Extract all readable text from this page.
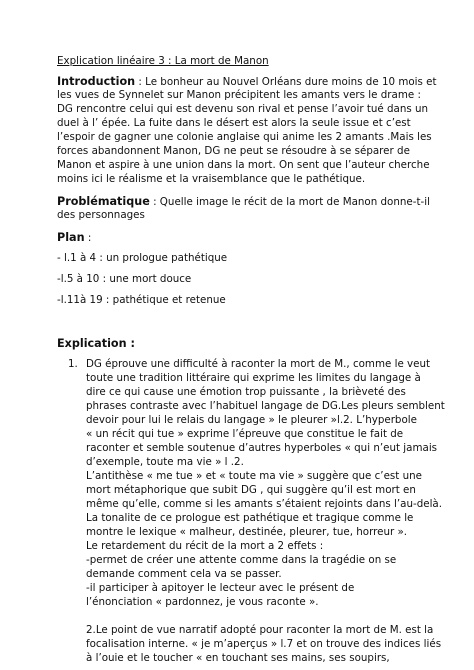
Explication linéaire 3 : La mort de Manon
Introduction : Le bonheur au Nouvel Orléans dure moins de 10 mois et
les vues de Synnelet sur Manon précipitent les amants vers le drame :
DG rencontre celui qui est devenu son rival et pense l’avoir tué dans un
duel à l’ épée. La fuite dans le désert est alors la seule issue et c’est
l’espoir de gagner une colonie anglaise qui anime les 2 amants .Mais les
forces abandonnent Manon, DG ne peut se résoudre à se séparer de
Manon et aspire à une union dans la mort. On sent que l’auteur cherche
moins ici le réalisme et la vraisemblance que le pathétique.
Problématique : Quelle image le récit de la mort de Manon donne-t-il
des personnages
Plan :
- l.1 à 4 : un prologue pathétique
-l.5 à 10 : une mort douce
-l.11à 19 : pathétique et retenue
Explication :
1. DG éprouve une difficulté à raconter la mort de M., comme le veut
toute une tradition littéraire qui exprime les limites du langage à
dire ce qui cause une émotion trop puissante , la brièveté des
phrases contraste avec l’habituel langage de DG.Les pleurs semblent
devoir pour lui le relais du langage » le pleurer »l.2. L’hyperbole
« un récit qui tue » exprime l’épreuve que constitue le fait de
raconter et semble soutenue d’autres hyperboles « qui n’eut jamais
d’exemple, toute ma vie » l .2.
L’antithèse « me tue » et « toute ma vie » suggère que c’est une
mort métaphorique que subit DG , qui suggère qu’il est mort en
même qu’elle, comme si les amants s’étaient rejoints dans l’au-delà.
La tonalite de ce prologue est pathétique et tragique comme le
montre le lexique « malheur, destinée, pleurer, tue, horreur ».
Le retardement du récit de la mort a 2 effets :
-permet de créer une attente comme dans la tragédie on se
demande comment cela va se passer.
-il participer à apitoyer le lecteur avec le présent de
l’énonciation « pardonnez, je vous raconte ».
2.Le point de vue narratif adopté pour raconter la mort de M. est la
focalisation interne. « je m’aperçus » l.7 et on trouve des indices liés
à l’ouie et le toucher « en touchant ses mains, ses soupirs,
